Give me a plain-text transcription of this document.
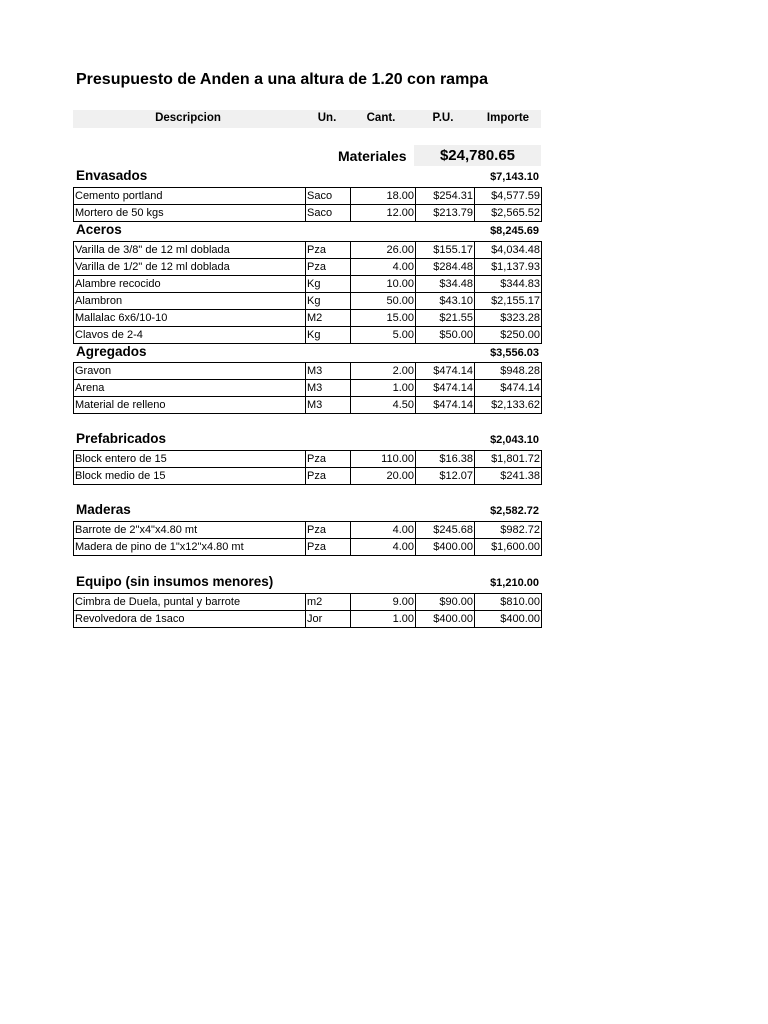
Presupuesto de Anden a una altura de 1.20 con rampa
Descripcion	Un.	Cant.	P.U.	Importe
Materiales	$24,780.65
Envasados	$7,143.10
Cemento portland	Saco	18.00	$254.31	$4,577.59
Mortero de 50 kgs	Saco	12.00	$213.79	$2,565.52
Aceros	$8,245.69
Varilla de 3/8" de 12 ml doblada	Pza	26.00	$155.17	$4,034.48
Varilla de 1/2" de 12 ml doblada	Pza	4.00	$284.48	$1,137.93
Alambre recocido	Kg	10.00	$34.48	$344.83
Alambron	Kg	50.00	$43.10	$2,155.17
Mallalac 6x6/10-10	M2	15.00	$21.55	$323.28
Clavos de 2-4	Kg	5.00	$50.00	$250.00
Agregados	$3,556.03
Gravon	M3	2.00	$474.14	$948.28
Arena	M3	1.00	$474.14	$474.14
Material de relleno	M3	4.50	$474.14	$2,133.62
Prefabricados	$2,043.10
Block entero de 15	Pza	110.00	$16.38	$1,801.72
Block medio de 15	Pza	20.00	$12.07	$241.38
Maderas	$2,582.72
Barrote de 2"x4"x4.80 mt	Pza	4.00	$245.68	$982.72
Madera de pino de 1"x12"x4.80 mt	Pza	4.00	$400.00	$1,600.00
Equipo (sin insumos menores)	$1,210.00
Cimbra de Duela, puntal y barrote	m2	9.00	$90.00	$810.00
Revolvedora de 1saco	Jor	1.00	$400.00	$400.00
